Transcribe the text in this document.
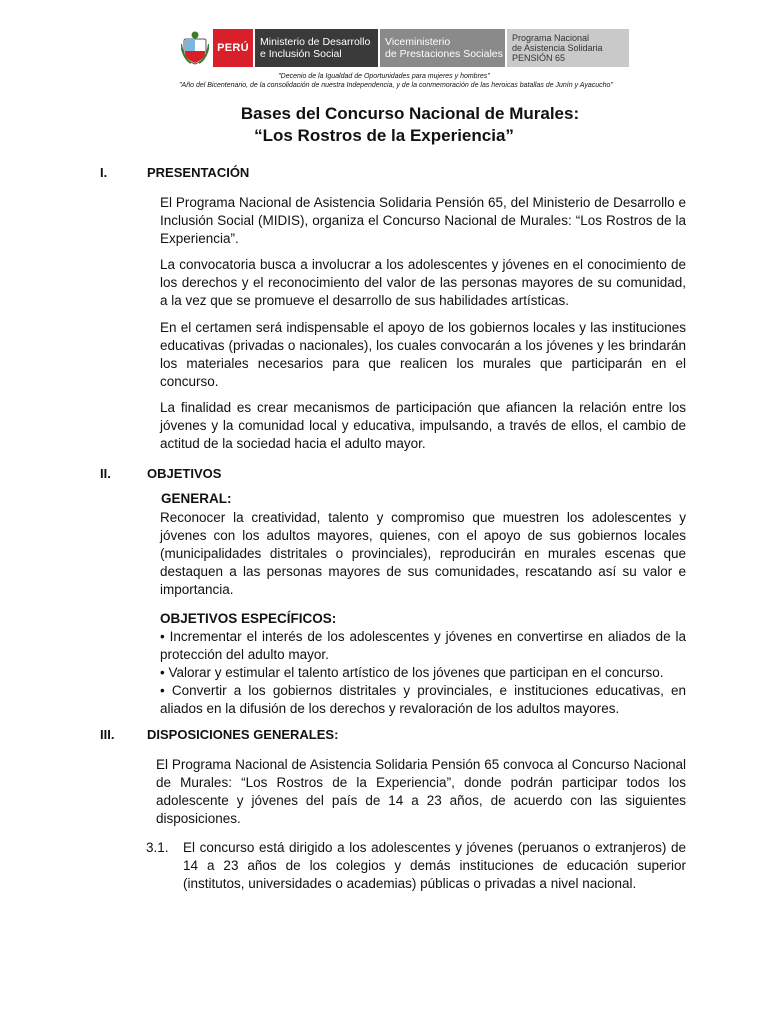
PERÚ	Ministerio de Desarrollo
e Inclusión Social
Viceministerio
de Prestaciones Sociales
Programa Nacional
de Asistencia Solidaria
PENSIÓN 65
"Decenio de la Igualdad de Oportunidades para mujeres y hombres"
"Año del Bicentenario, de la consolidación de nuestra Independencia, y de la conmemoración de las heroicas batallas de Junín y Ayacucho"
Bases del Concurso Nacional de Murales:
“Los Rostros de la Experiencia”
I.	PRESENTACIÓN

El Programa Nacional de Asistencia Solidaria Pensión 65, del Ministerio de Desarrollo e Inclusión Social (MIDIS), organiza el Concurso Nacional de Murales: “Los Rostros de la Experiencia”.

La convocatoria busca a involucrar a los adolescentes y jóvenes en el conocimiento de los derechos y el reconocimiento del valor de las personas mayores de su comunidad, a la vez que se promueve el desarrollo de sus habilidades artísticas.

En el certamen será indispensable el apoyo de los gobiernos locales y las instituciones educativas (privadas o nacionales), los cuales convocarán a los jóvenes y les brindarán los materiales necesarios para que realicen los murales que participarán en el concurso.

La finalidad es crear mecanismos de participación que afiancen la relación entre los jóvenes y la comunidad local y educativa, impulsando, a través de ellos, el cambio de actitud de la sociedad hacia el adulto mayor.

II.	OBJETIVOS
GENERAL:

Reconocer la creatividad, talento y compromiso que muestren los adolescentes y jóvenes con los adultos mayores, quienes, con el apoyo de sus gobiernos locales (municipalidades distritales o provinciales), reproducirán en murales escenas que destaquen a las personas mayores de sus comunidades, rescatando así su valor e importancia.

OBJETIVOS ESPECÍFICOS:
• Incrementar el interés de los adolescentes y jóvenes en convertirse en aliados de la protección del adulto mayor.
• Valorar y estimular el talento artístico de los jóvenes que participan en el concurso.
• Convertir a los gobiernos distritales y provinciales, e instituciones educativas, en aliados en la difusión de los derechos y revaloración de los adultos mayores.
III.	DISPOSICIONES GENERALES:

El Programa Nacional de Asistencia Solidaria Pensión 65 convoca al Concurso Nacional de Murales: “Los Rostros de la Experiencia”, donde podrán participar todos los adolescente y jóvenes del país de 14 a 23 años, de acuerdo con las siguientes disposiciones.

3.1. El concurso está dirigido a los adolescentes y jóvenes (peruanos o extranjeros) de 14 a 23 años de los colegios y demás instituciones de educación superior (institutos, universidades o academias) públicas o privadas a nivel nacional.
